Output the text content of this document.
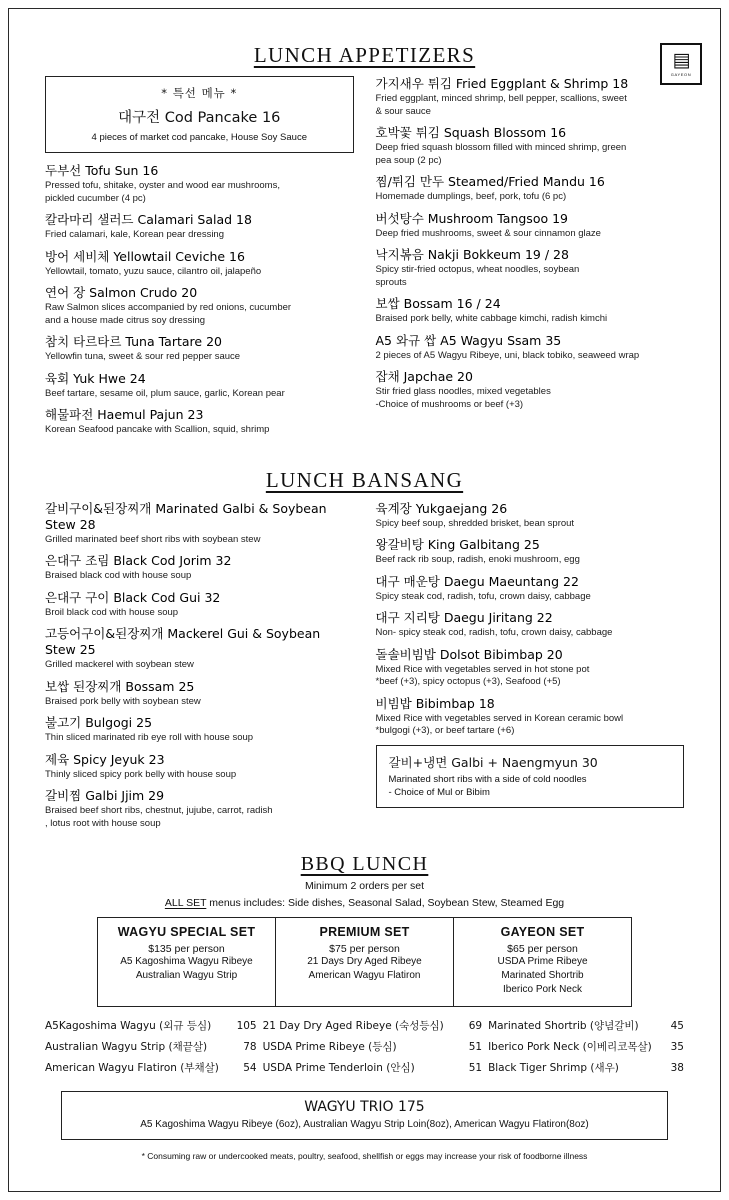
▤
GAYEON
LUNCH APPETIZERS
* 특선 메뉴 *
대구전 Cod Pancake 16
4 pieces of market cod pancake, House Soy Sauce
두부선 Tofu Sun 16
Pressed tofu, shitake, oyster and wood ear mushrooms,
pickled cucumber (4 pc)
칼라마리 샐러드 Calamari Salad 18
Fried calamari, kale, Korean pear dressing
방어 세비체 Yellowtail Ceviche 16
Yellowtail, tomato, yuzu sauce, cilantro oil, jalapeño
연어 장 Salmon Crudo 20
Raw Salmon slices accompanied by red onions, cucumber
and a house made citrus soy dressing
참치 타르타르 Tuna Tartare 20
Yellowfin tuna, sweet & sour red pepper sauce
육회 Yuk Hwe 24
Beef tartare, sesame oil, plum sauce, garlic, Korean pear
해물파전 Haemul Pajun 23
Korean Seafood pancake with Scallion, squid, shrimp
가지새우 튀김 Fried Eggplant & Shrimp 18
Fried eggplant, minced shrimp, bell pepper, scallions, sweet
& sour sauce
호박꽃 튀김 Squash Blossom 16
Deep fried squash blossom filled with minced shrimp, green
pea soup (2 pc)
찜/튀김 만두 Steamed/Fried Mandu 16
Homemade dumplings, beef, pork, tofu (6 pc)
버섯탕수 Mushroom Tangsoo 19
Deep fried mushrooms, sweet & sour cinnamon glaze
낙지볶음 Nakji Bokkeum 19 / 28
Spicy stir-fried octopus, wheat noodles, soybean
sprouts
보쌉 Bossam 16 / 24
Braised pork belly, white cabbage kimchi, radish kimchi
A5 와규 쌉 A5 Wagyu Ssam 35
2 pieces of A5 Wagyu Ribeye, uni, black tobiko, seaweed wrap
잡채 Japchae 20
Stir fried glass noodles, mixed vegetables
-Choice of mushrooms or beef (+3)
LUNCH BANSANG
갈비구이&된장찌개 Marinated Galbi & Soybean Stew 28
Grilled marinated beef short ribs with soybean stew
은대구 조림 Black Cod Jorim 32
Braised black cod with house soup
은대구 구이 Black Cod Gui 32
Broil black cod with house soup
고등어구이&된장찌개 Mackerel Gui & Soybean Stew 25
Grilled mackerel with soybean stew
보쌉 된장찌개 Bossam 25
Braised pork belly with soybean stew
불고기 Bulgogi 25
Thin sliced marinated rib eye roll with house soup
제육 Spicy Jeyuk 23
Thinly sliced spicy pork belly with house soup
갈비찜 Galbi Jjim 29
Braised beef short ribs, chestnut, jujube, carrot, radish
, lotus root with house soup
육계장 Yukgaejang 26
Spicy beef soup, shredded brisket, bean sprout
왕갈비탕 King Galbitang 25
Beef rack rib soup, radish, enoki mushroom, egg
대구 매운탕 Daegu Maeuntang 22
Spicy steak cod, radish, tofu, crown daisy, cabbage
대구 지리탕 Daegu Jiritang 22
Non- spicy steak cod, radish, tofu, crown daisy, cabbage
돌솔비빔밥 Dolsot Bibimbap 20
Mixed Rice with vegetables served in hot stone pot
*beef (+3), spicy octopus (+3), Seafood (+5)
비빔밥 Bibimbap 18
Mixed Rice with vegetables served in Korean ceramic bowl
*bulgogi (+3), or beef tartare (+6)
갈비+냉면 Galbi + Naengmyun 30
Marinated short ribs with a side of cold noodles
- Choice of Mul or Bibim
BBQ LUNCH
Minimum 2 orders per set
ALL SET menus includes: Side dishes, Seasonal Salad, Soybean Stew, Steamed Egg
WAGYU SPECIAL SET
$135 per person
A5 Kagoshima Wagyu Ribeye
Australian Wagyu Strip
PREMIUM SET
$75 per person
21 Days Dry Aged Ribeye
American Wagyu Flatiron
GAYEON SET
$65 per person
USDA Prime Ribeye
Marinated Shortrib
Iberico Pork Neck
A5Kagoshima Wagyu (외규 등심)	105
Australian Wagyu Strip (채끝살)	78
American Wagyu Flatiron (부채살)	54
21 Day Dry Aged Ribeye (숙성등심)	69
USDA Prime Ribeye (등심)	51
USDA Prime Tenderloin (안심)	51
Marinated Shortrib (양념갈비)	45
Iberico Pork Neck (이베리코목살)	35
Black Tiger Shrimp (새우)	38
WAGYU TRIO 175
A5 Kagoshima Wagyu Ribeye (6oz), Australian Wagyu Strip Loin(8oz), American Wagyu Flatiron(8oz)
* Consuming raw or undercooked meats, poultry, seafood, shellfish or eggs may increase your risk of foodborne illness
